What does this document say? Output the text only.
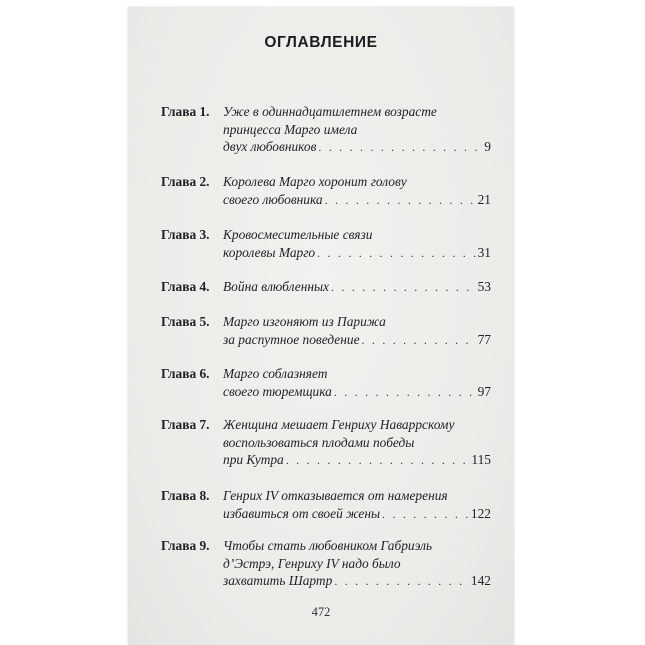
ОГЛАВЛЕНИЕ
Глава 1. Уже в одиннадцатилетнем возрасте
принцесса Марго имела
двух любовников . . .	9
Глава 2. Королева Марго хоронит голову
своего любовника . . .	21
Глава 3. Кровосмесительные связи
королевы Марго . . .	31
Глава 4. Война влюбленных . . .	53
Глава 5. Марго изгоняют из Парижа
за распутное поведение . . .	77
Глава 6. Марго соблазняет
своего тюремщика . . .	97
Глава 7. Женщина мешает Генриху Наваррскому
воспользоваться плодами победы
при Кутра . . .	115
Глава 8. Генрих IV отказывается от намерения
избавиться от своей жены . . .	122
Глава 9. Чтобы стать любовником Габриэль
д’Эстрэ, Генриху IV надо было
захватить Шартр . . .	142
472
